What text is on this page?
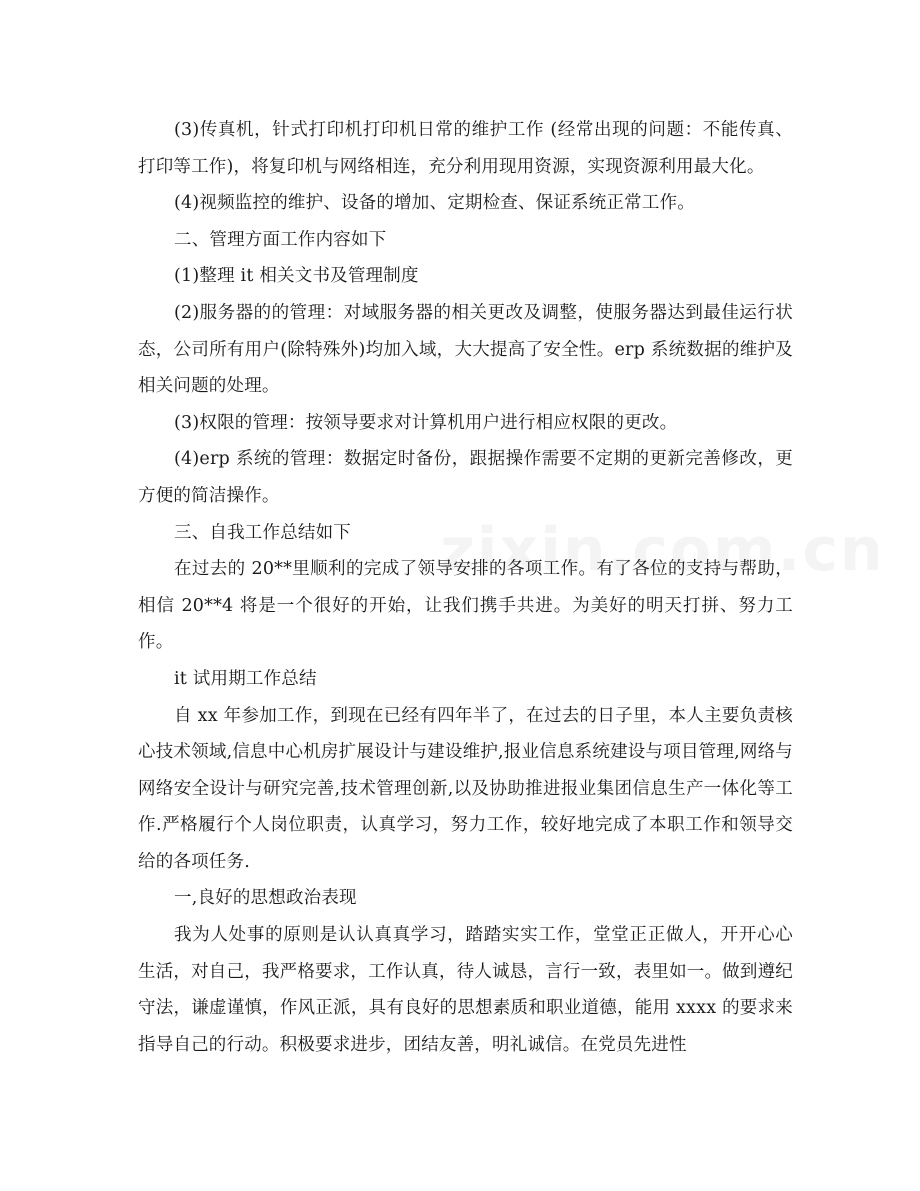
(3)传真机，针式打印机打印机日常的维护工作 (经常出现的问题：不能传真、打印等工作)，将复印机与网络相连，充分利用现用资源，实现资源利用最大化。

(4)视频监控的维护、设备的增加、定期检查、保证系统正常工作。

二、管理方面工作内容如下

(1)整理 it 相关文书及管理制度

(2)服务器的的管理：对域服务器的相关更改及调整，使服务器达到最佳运行状态，公司所有用户(除特殊外)均加入域，大大提高了安全性。erp 系统数据的维护及相关问题的处理。

(3)权限的管理：按领导要求对计算机用户进行相应权限的更改。

(4)erp 系统的管理：数据定时备份，跟据操作需要不定期的更新完善修改，更方便的简洁操作。

三、自我工作总结如下

在过去的 20**里顺利的完成了领导安排的各项工作。有了各位的支持与帮助，相信 20**4 将是一个很好的开始，让我们携手共进。为美好的明天打拼、努力工作。

it 试用期工作总结

自 xx 年参加工作，到现在已经有四年半了，在过去的日子里，本人主要负责核心技术领域,信息中心机房扩展设计与建设维护,报业信息系统建设与项目管理,网络与网络安全设计与研究完善,技术管理创新,以及协助推进报业集团信息生产一体化等工作.严格履行个人岗位职责，认真学习，努力工作，较好地完成了本职工作和领导交给的各项任务.

一,良好的思想政治表现

我为人处事的原则是认认真真学习，踏踏实实工作，堂堂正正做人，开开心心生活，对自己，我严格要求，工作认真，待人诚恳，言行一致，表里如一。做到遵纪守法，谦虚谨慎，作风正派，具有良好的思想素质和职业道德，能用 xxxx 的要求来指导自己的行动。积极要求进步，团结友善，明礼诚信。在党员先进性
